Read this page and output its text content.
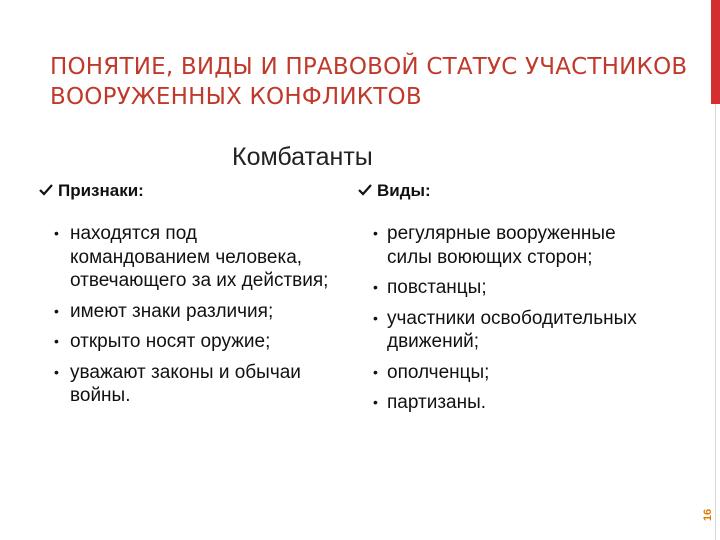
ПОНЯТИЕ, ВИДЫ И ПРАВОВОЙ СТАТУС УЧАСТНИКОВ ВООРУЖЕННЫХ КОНФЛИКТОВ
Комбатанты
Признаки:
• находятся под командованием человека, отвечающего за их действия;
• имеют знаки различия;
• открыто носят оружие;
• уважают законы и обычаи войны.
Виды:
• регулярные вооруженные силы воюющих сторон;
• повстанцы;
• участники освободительных движений;
• ополченцы;
• партизаны.
16
